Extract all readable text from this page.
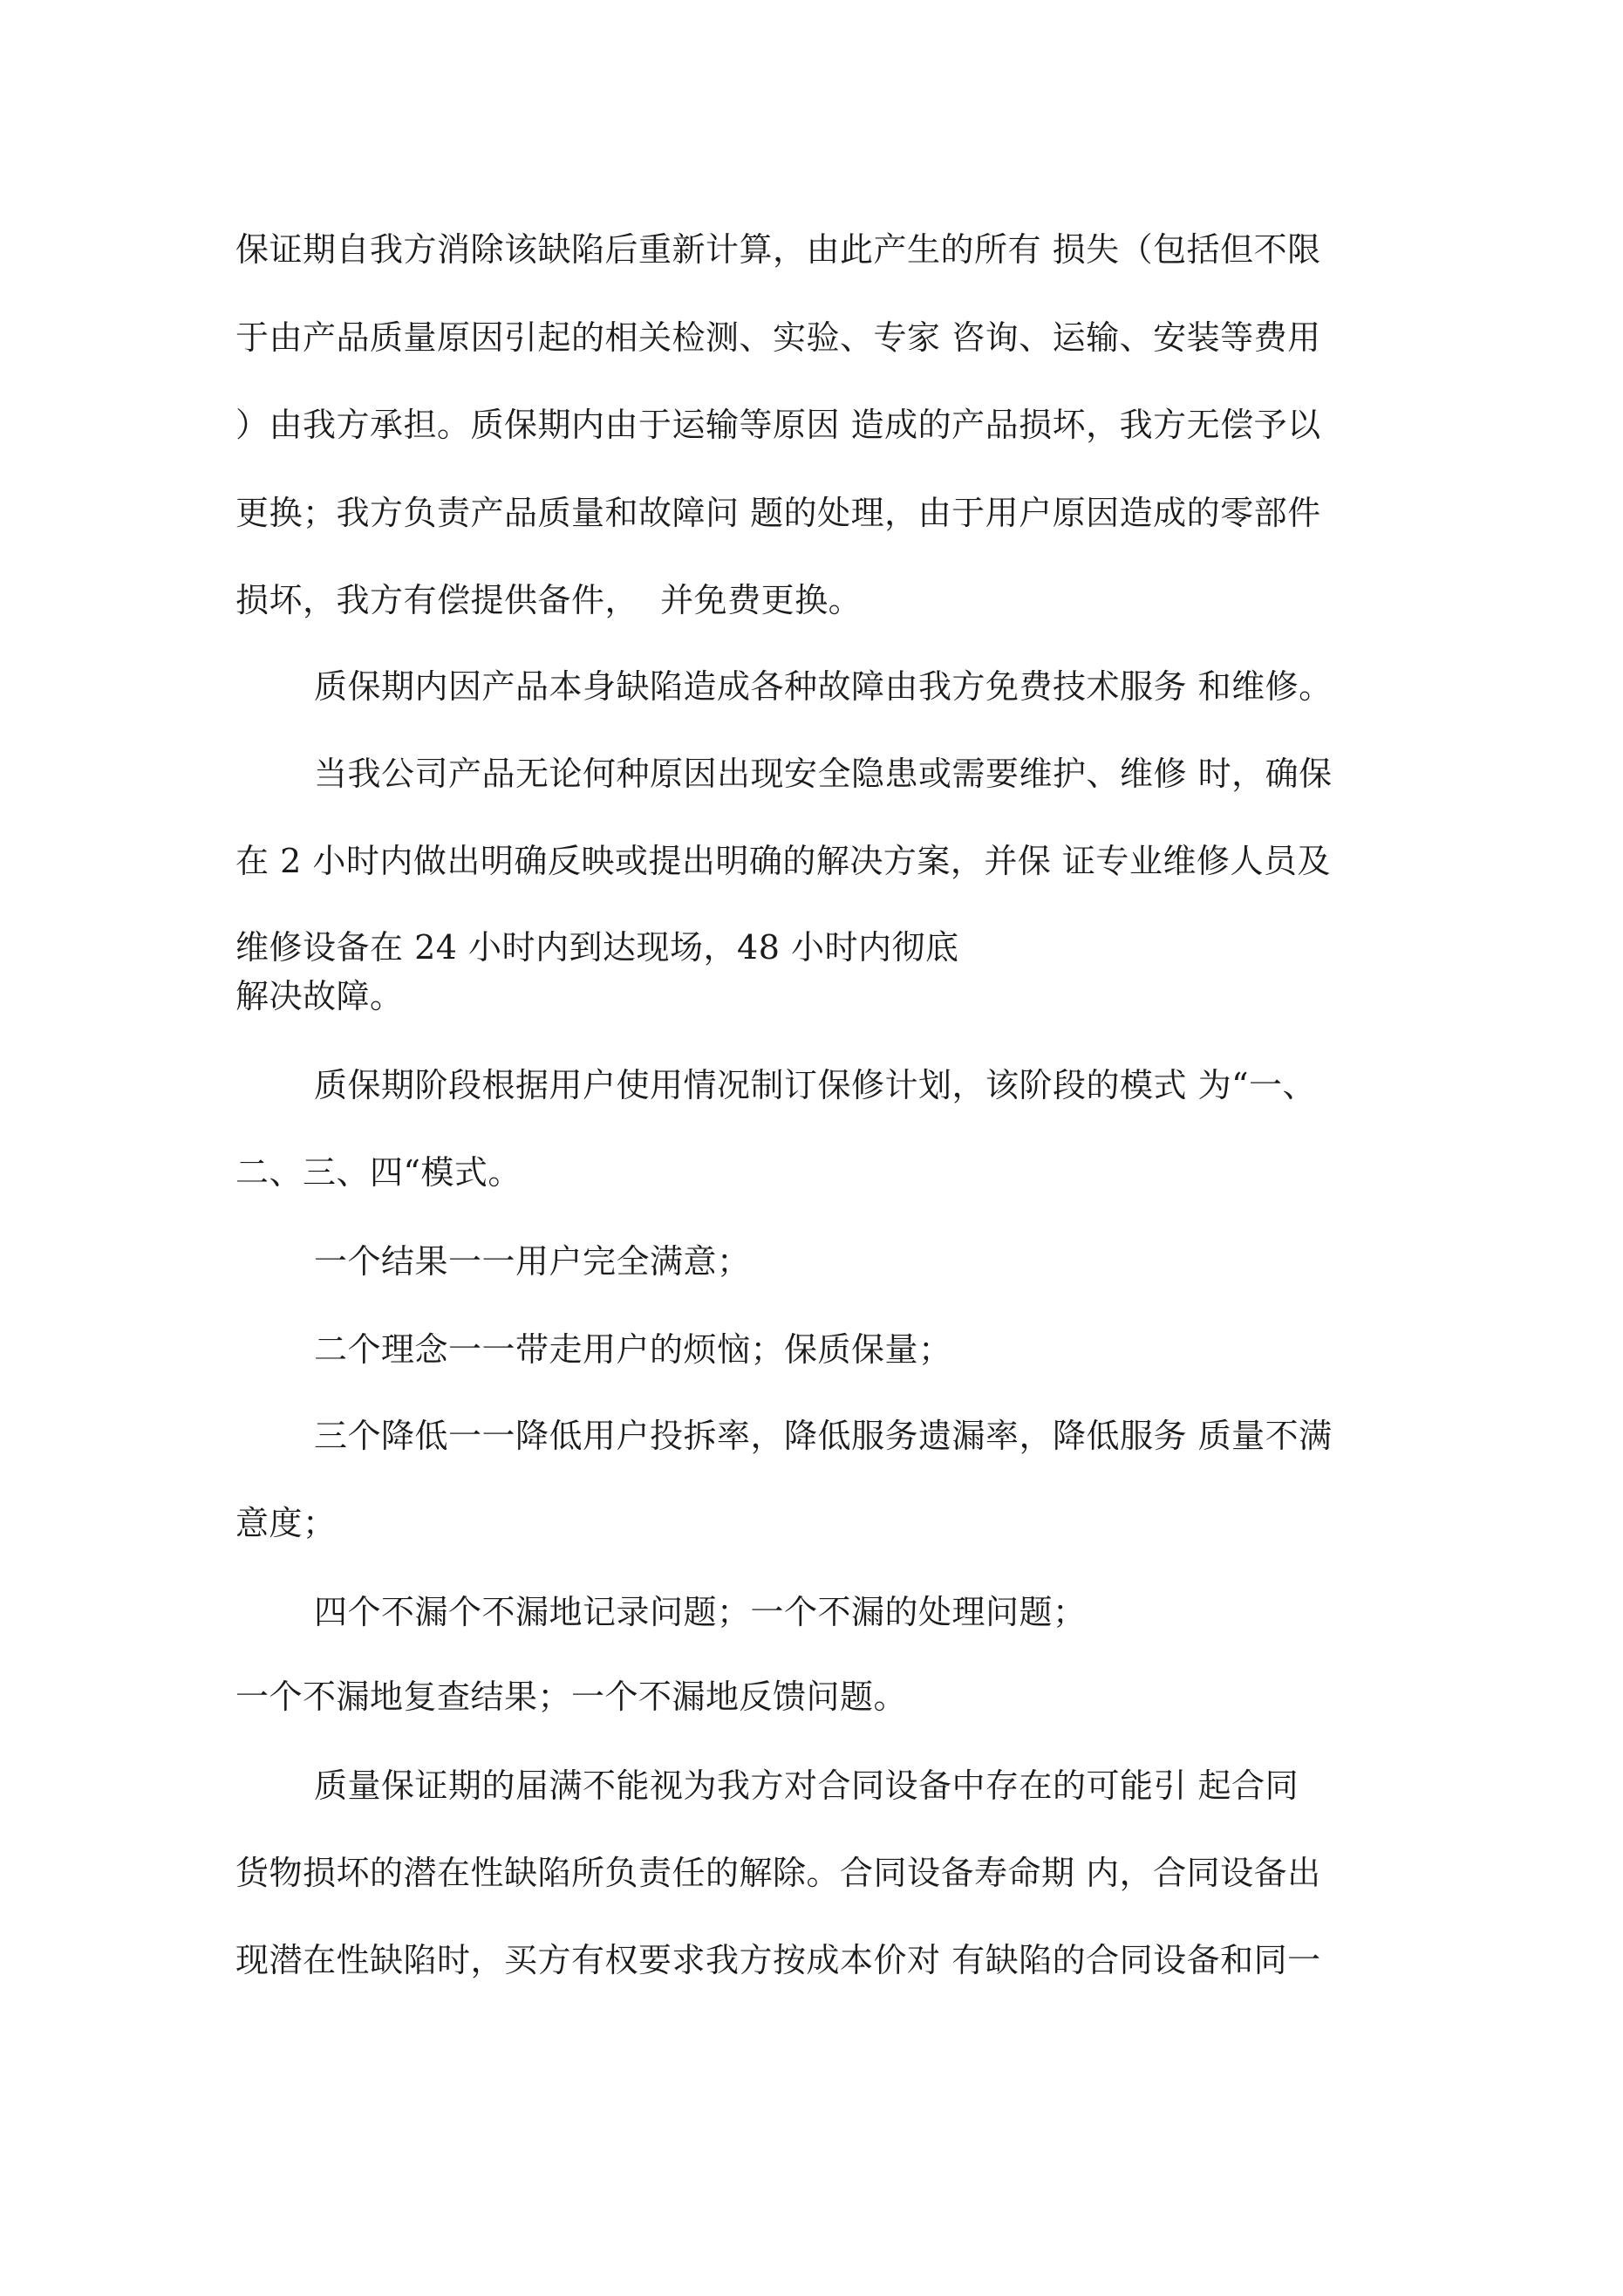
保证期自我方消除该缺陷后重新计算，由此产生的所有 损失（包括但不限
于由产品质量原因引起的相关检测、实验、专家 咨询、运输、安装等费用
）由我方承担。质保期内由于运输等原因 造成的产品损坏，我方无偿予以
更换；我方负责产品质量和故障问 题的处理，由于用户原因造成的零部件
损坏，我方有偿提供备件，  并免费更换。
质保期内因产品本身缺陷造成各种故障由我方免费技术服务 和维修。
当我公司产品无论何种原因出现安全隐患或需要维护、维修 时，确保
在 2 小时内做出明确反映或提出明确的解决方案，并保 证专业维修人员及
维修设备在 24 小时内到达现场，48 小时内彻底
解决故障。
质保期阶段根据用户使用情况制订保修计划，该阶段的模式 为“一、
二、三、四“模式。
一个结果一一用户完全满意；
二个理念一一带走用户的烦恼；保质保量；
三个降低一一降低用户投拆率，降低服务遗漏率，降低服务 质量不满
意度；
四个不漏个不漏地记录问题；一个不漏的处理问题；
一个不漏地复查结果；一个不漏地反馈问题。
质量保证期的届满不能视为我方对合同设备中存在的可能引 起合同
货物损坏的潜在性缺陷所负责任的解除。合同设备寿命期 内，合同设备出
现潜在性缺陷时，买方有权要求我方按成本价对 有缺陷的合同设备和同一
